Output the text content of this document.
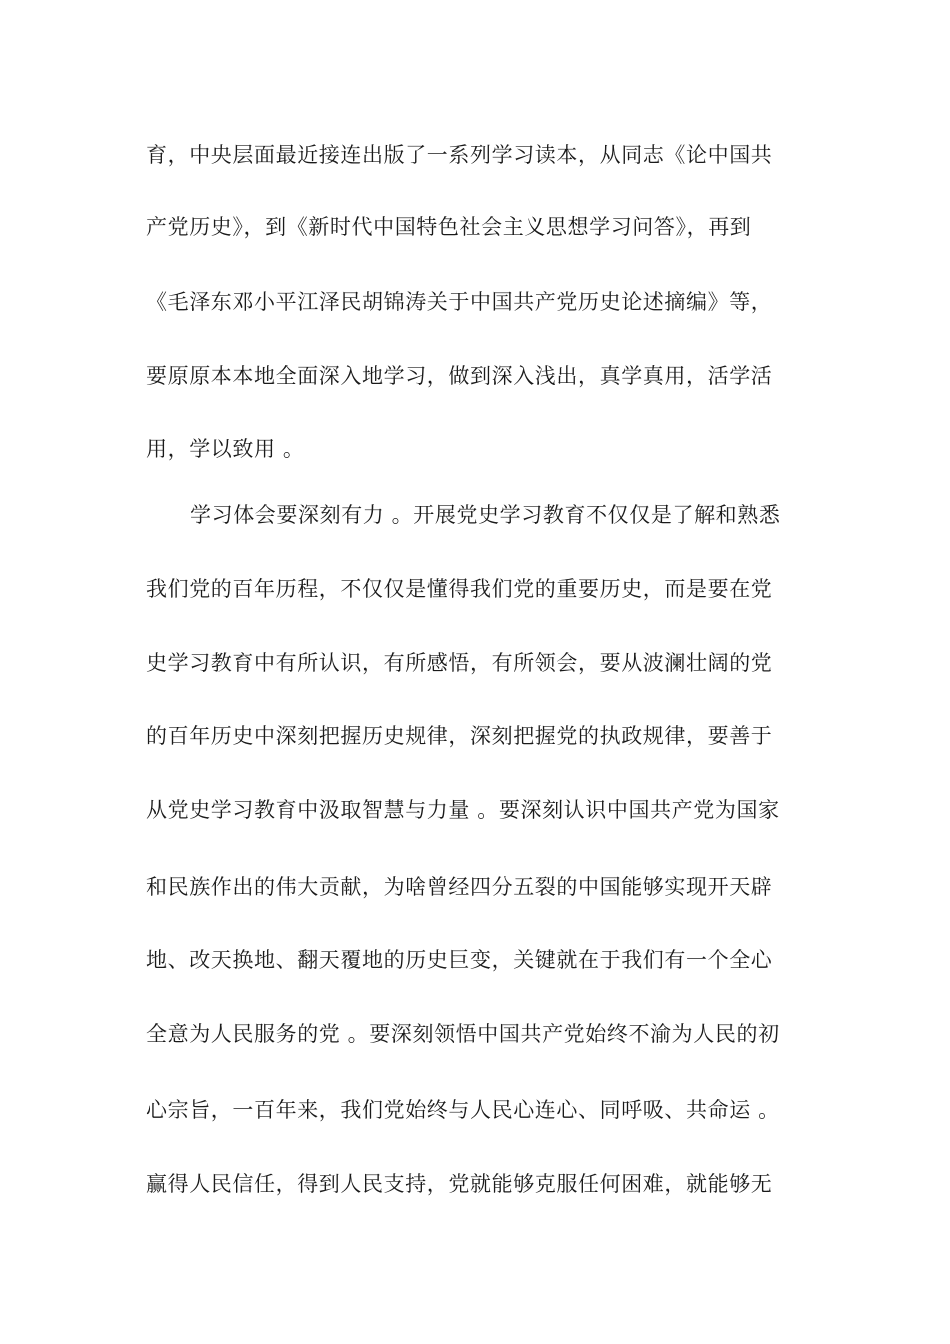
育，中央层面最近接连出版了一系列学习读本，从同志《论中国共
产党历史》，到《新时代中国特色社会主义思想学习问答》，再到
《毛泽东邓小平江泽民胡锦涛关于中国共产党历史论述摘编》等，
要原原本本地全面深入地学习，做到深入浅出，真学真用，活学活
用，学以致用 。
学习体会要深刻有力 。开展党史学习教育不仅仅是了解和熟悉
我们党的百年历程，不仅仅是懂得我们党的重要历史，而是要在党
史学习教育中有所认识，有所感悟，有所领会，要从波澜壮阔的党
的百年历史中深刻把握历史规律，深刻把握党的执政规律，要善于
从党史学习教育中汲取智慧与力量 。要深刻认识中国共产党为国家
和民族作出的伟大贡献，为啥曾经四分五裂的中国能够实现开天辟
地、改天换地、翻天覆地的历史巨变，关键就在于我们有一个全心
全意为人民服务的党 。要深刻领悟中国共产党始终不渝为人民的初
心宗旨，一百年来，我们党始终与人民心连心、同呼吸、共命运 。
赢得人民信任，得到人民支持，党就能够克服任何困难，就能够无
